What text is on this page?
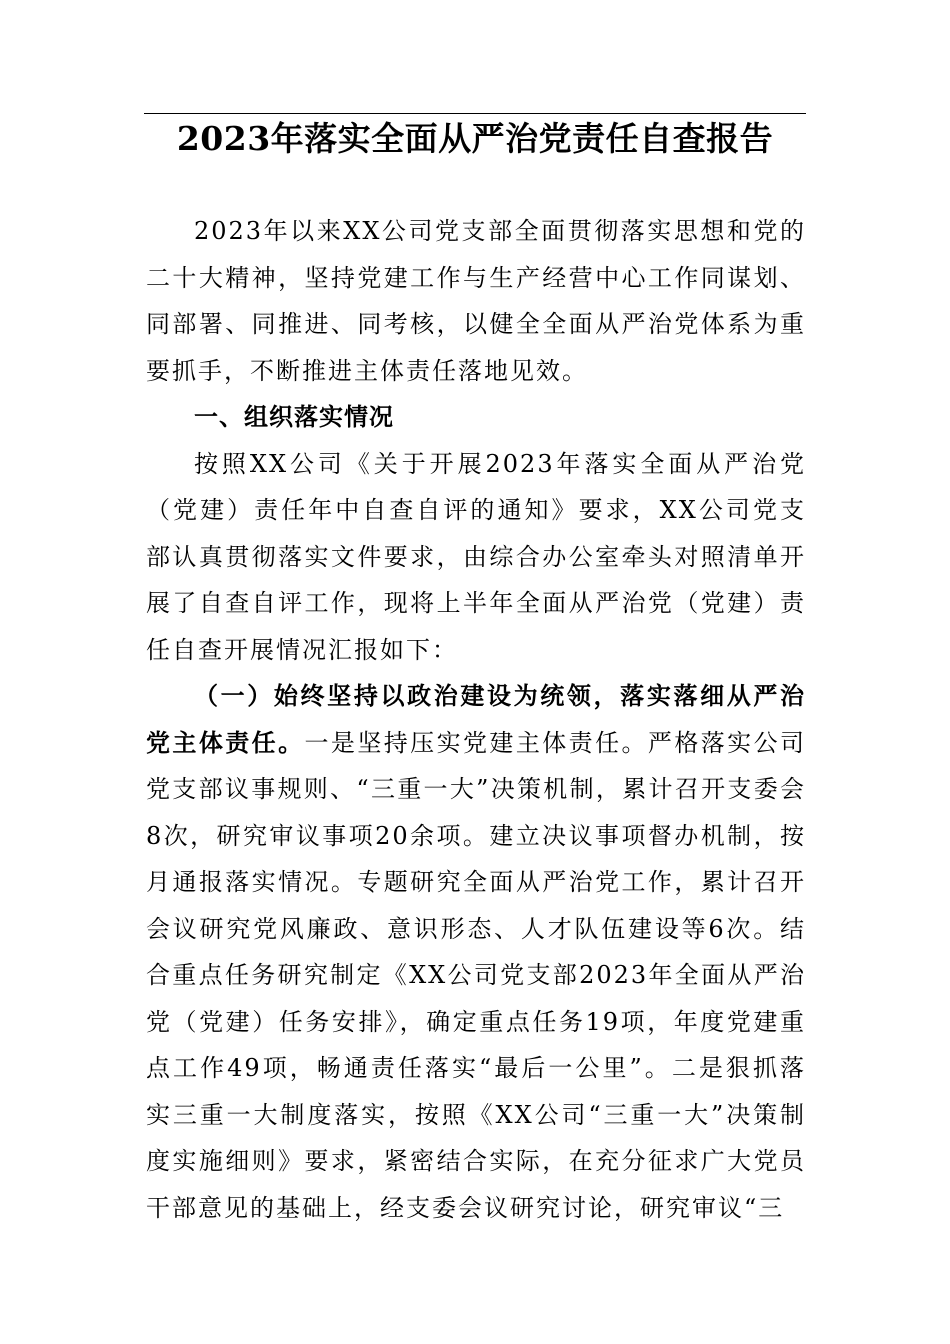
2023年落实全面从严治党责任自查报告

2023年以来XX公司党支部全面贯彻落实思想和党的二十大精神，坚持党建工作与生产经营中心工作同谋划、同部署、同推进、同考核，以健全全面从严治党体系为重要抓手，不断推进主体责任落地见效。

一、组织落实情况

按照XX公司《关于开展2023年落实全面从严治党（党建）责任年中自查自评的通知》要求，XX公司党支部认真贯彻落实文件要求，由综合办公室牵头对照清单开展了自查自评工作，现将上半年全面从严治党（党建）责任自查开展情况汇报如下：

（一）始终坚持以政治建设为统领，落实落细从严治党主体责任。一是坚持压实党建主体责任。严格落实公司党支部议事规则、“三重一大”决策机制，累计召开支委会8次，研究审议事项20余项。建立决议事项督办机制，按月通报落实情况。专题研究全面从严治党工作，累计召开会议研究党风廉政、意识形态、人才队伍建设等6次。结合重点任务研究制定《XX公司党支部2023年全面从严治党（党建）任务安排》，确定重点任务19项，年度党建重点工作49项，畅通责任落实“最后一公里”。二是狠抓落实三重一大制度落实，按照《XX公司“三重一大”决策制度实施细则》要求，紧密结合实际，在充分征求广大党员干部意见的基础上，经支委会议研究讨论，研究审议“三
